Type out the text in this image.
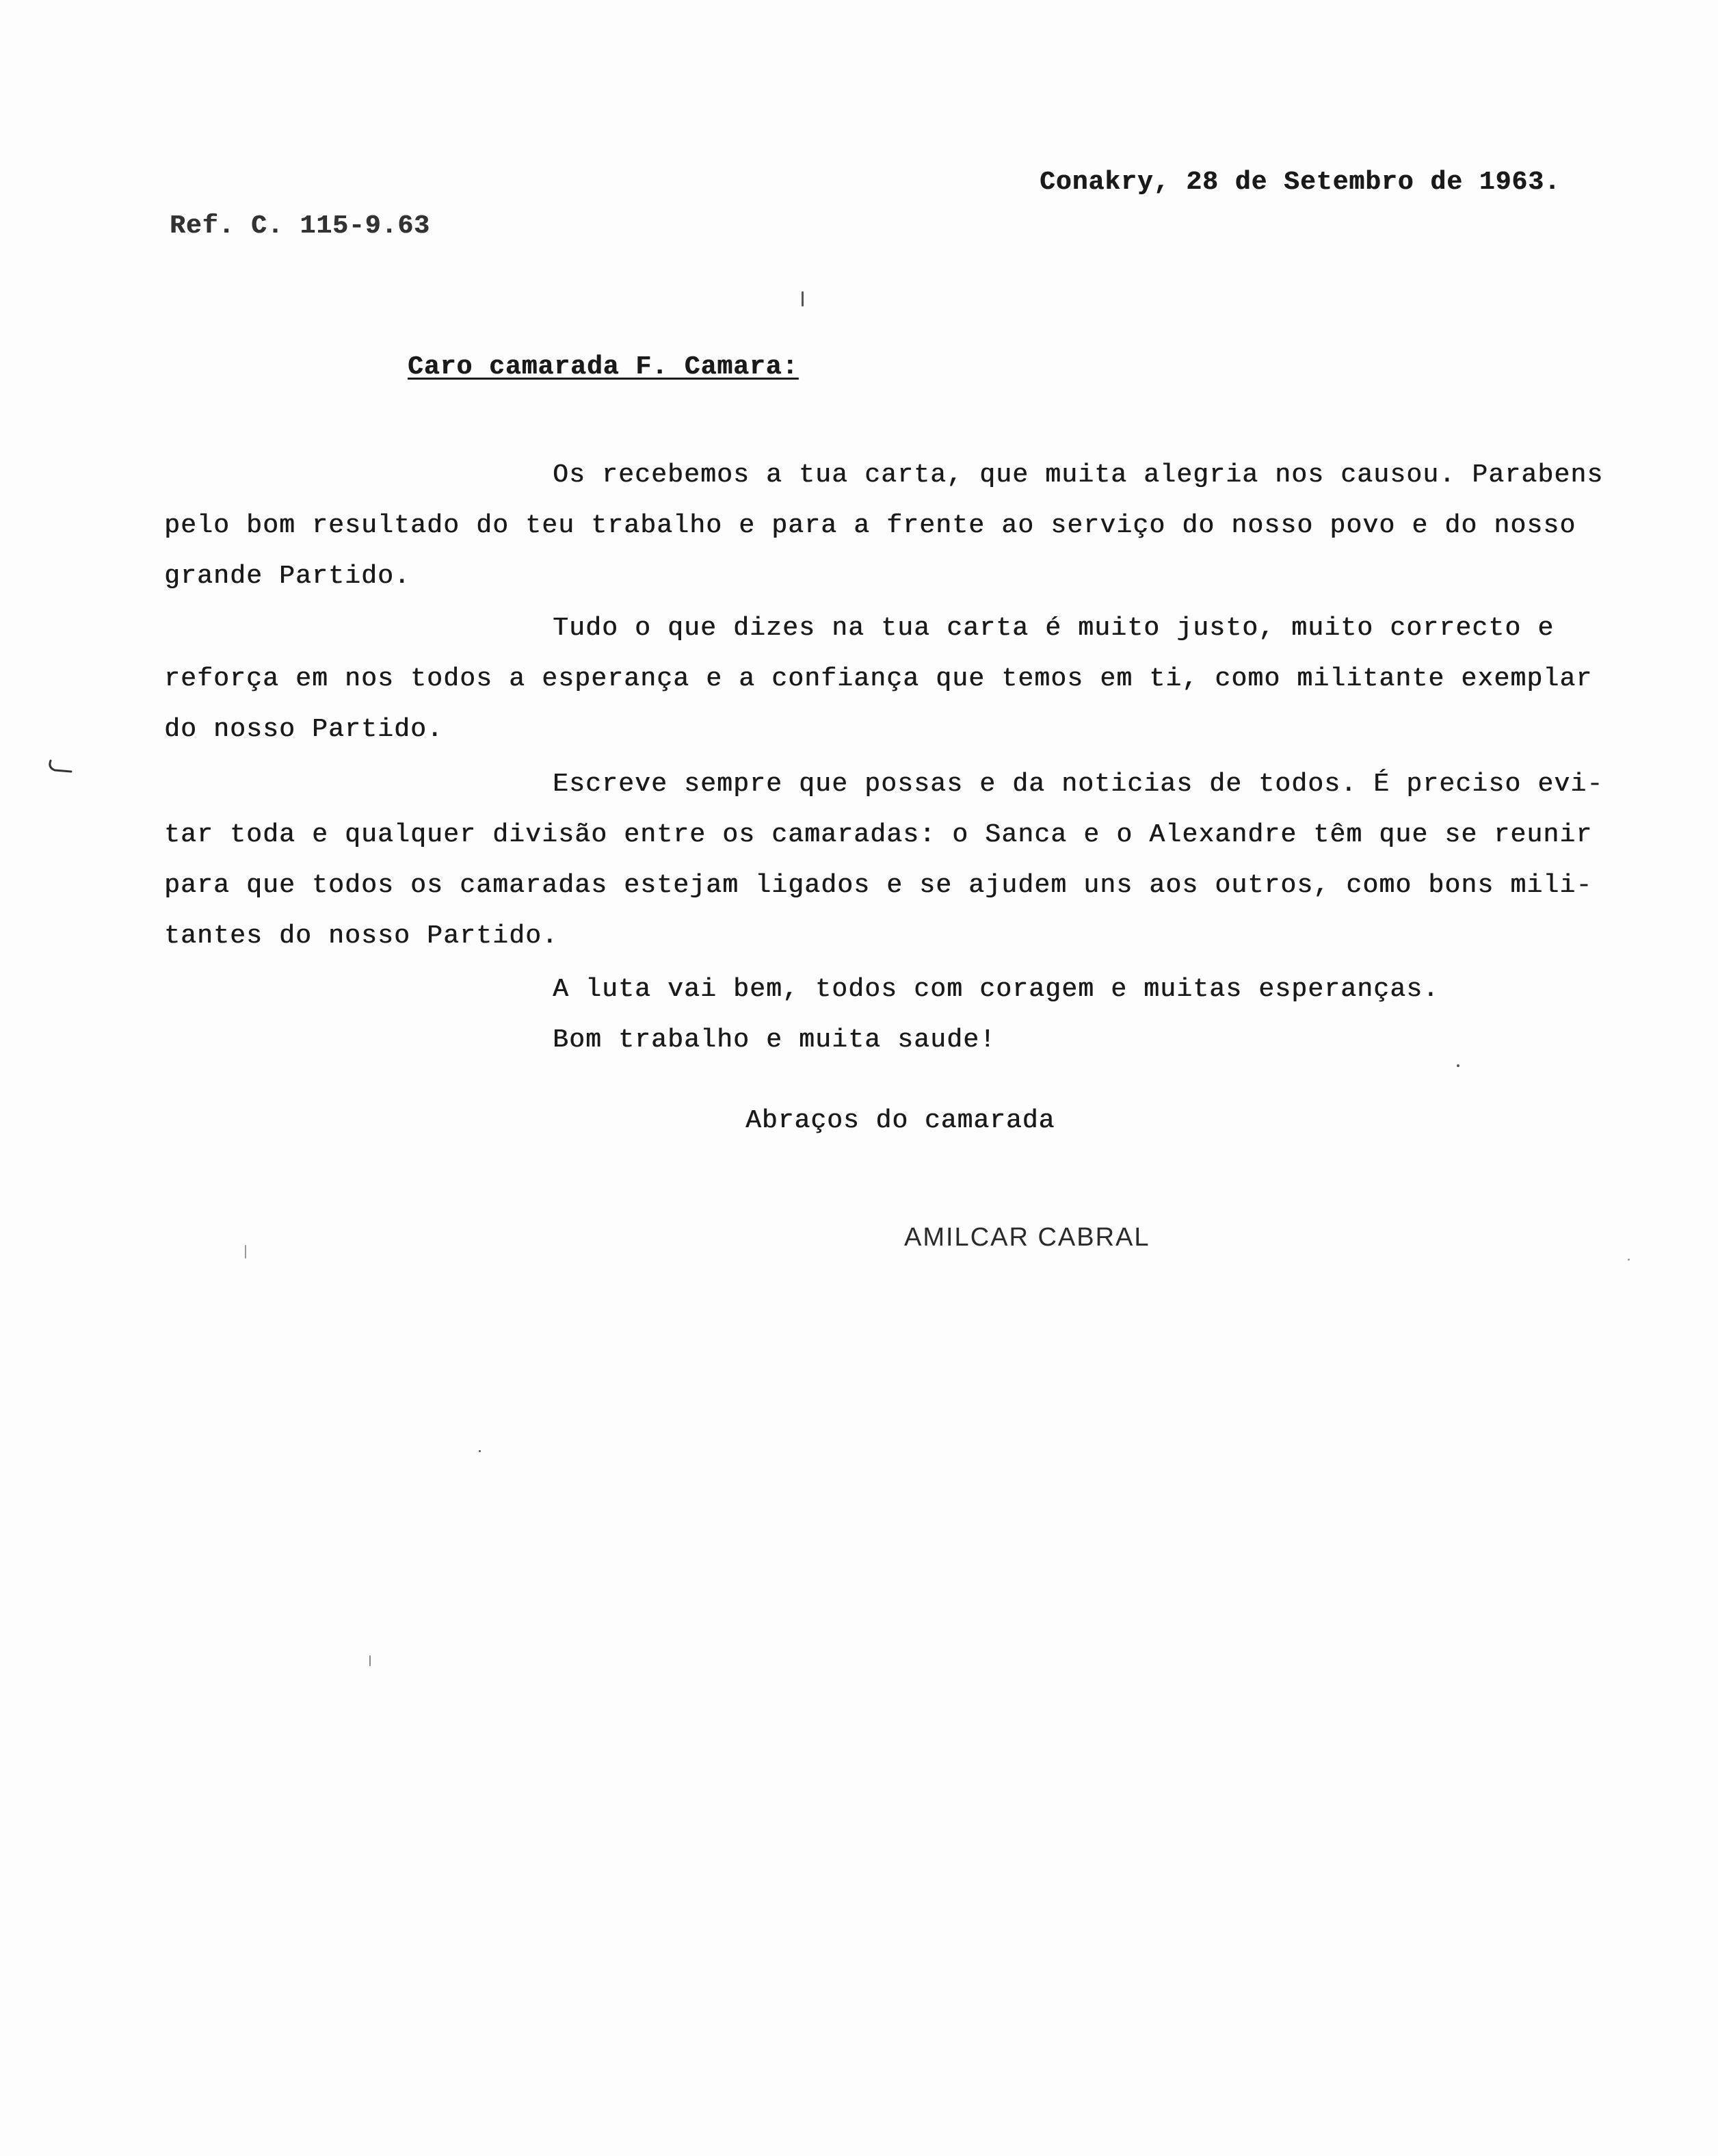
Conakry, 28 de Setembro de 1963.
Ref. C. 115-9.63
Caro camarada F. Camara:
Os recebemos a tua carta, que muita alegria nos causou. Parabens
pelo bom resultado do teu trabalho e para a frente ao serviço do nosso povo e do nosso
grande Partido.
Tudo o que dizes na tua carta é muito justo, muito correcto e
reforça em nos todos a esperança e a confiança que temos em ti, como militante exemplar
do nosso Partido.
Escreve sempre que possas e da noticias de todos. É preciso evi-
tar toda e qualquer divisão entre os camaradas: o Sanca e o Alexandre têm que se reunir
para que todos os camaradas estejam ligados e se ajudem uns aos outros, como bons mili-
tantes do nosso Partido.
A luta vai bem, todos com coragem e muitas esperanças.
Bom trabalho e muita saude!
Abraços do camarada
AMILCAR CABRAL
